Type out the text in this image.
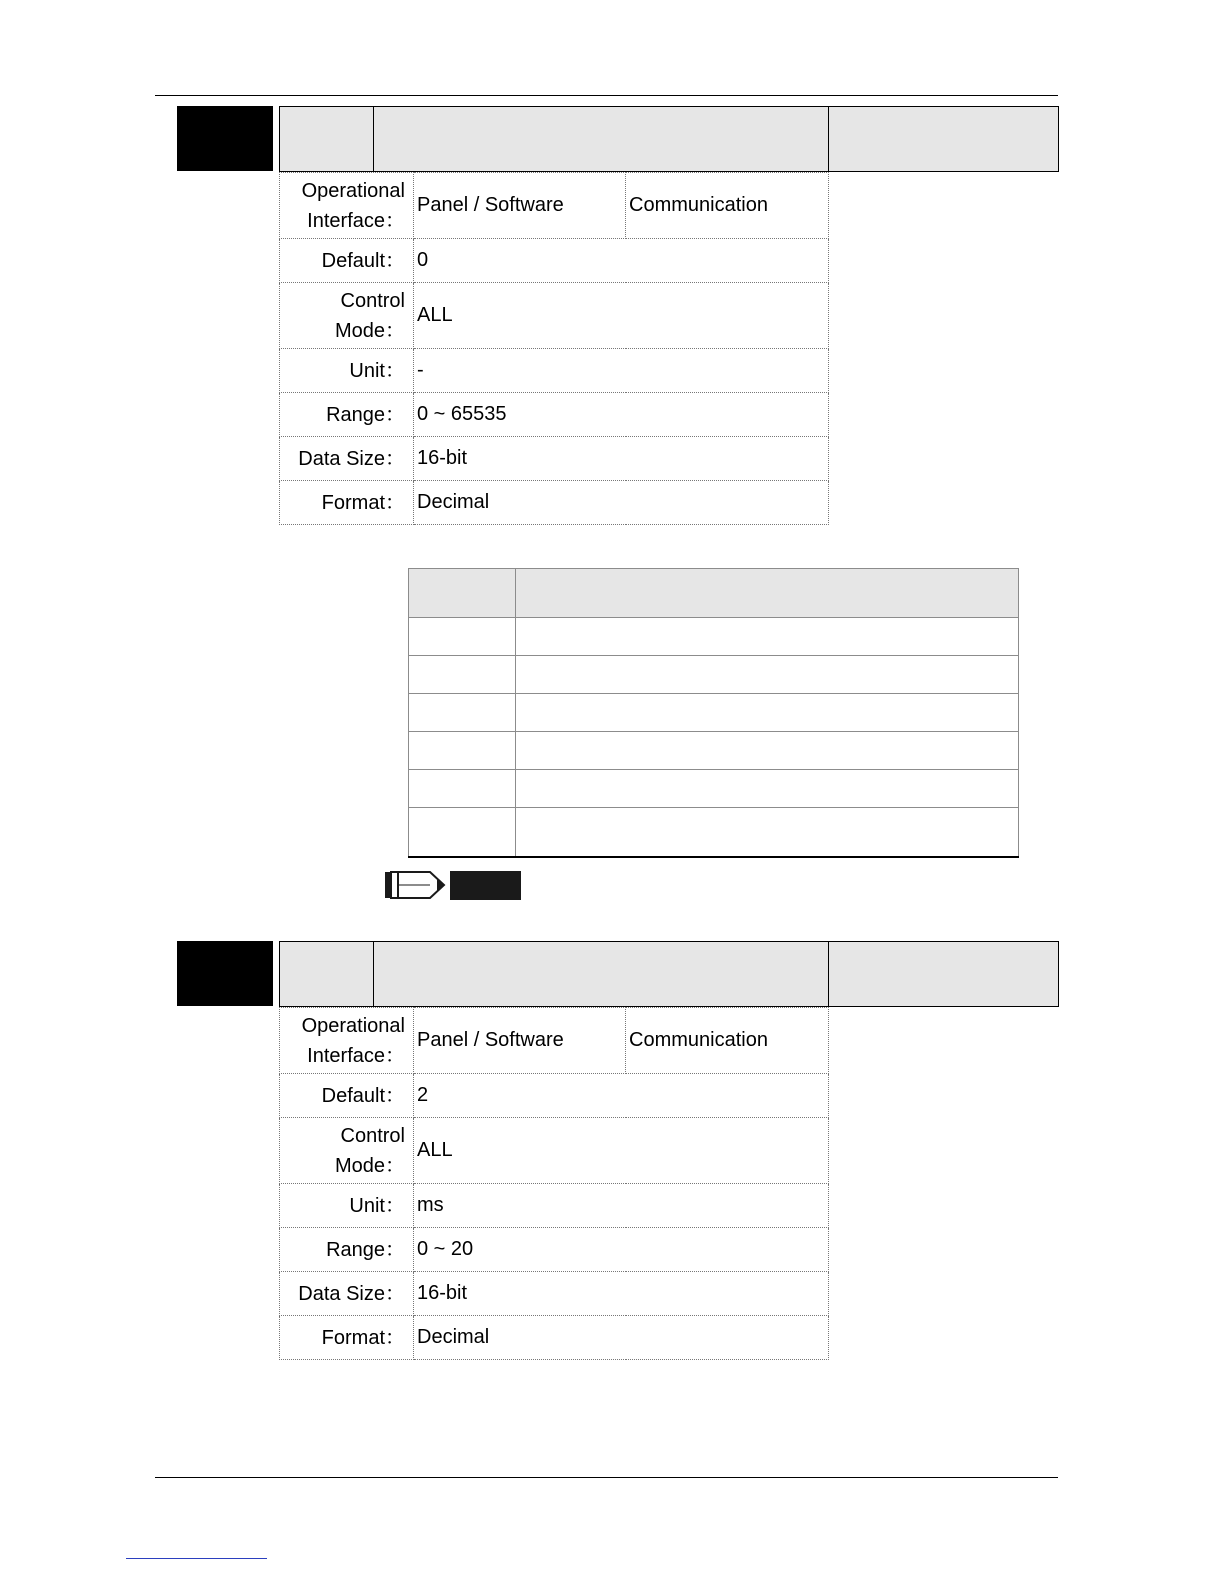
Operational
Interface：	Panel / Software	Communication
Default：	0	
Control
Mode：	ALL	
Unit：	-	
Range：	0 ~ 65535	
Data Size：	16-bit	
Format：	Decimal	

Operational
Interface：	Panel / Software	Communication
Default：	2	
Control
Mode：	ALL	
Unit：	ms	
Range：	0 ~ 20	
Data Size：	16-bit	
Format：	Decimal	
